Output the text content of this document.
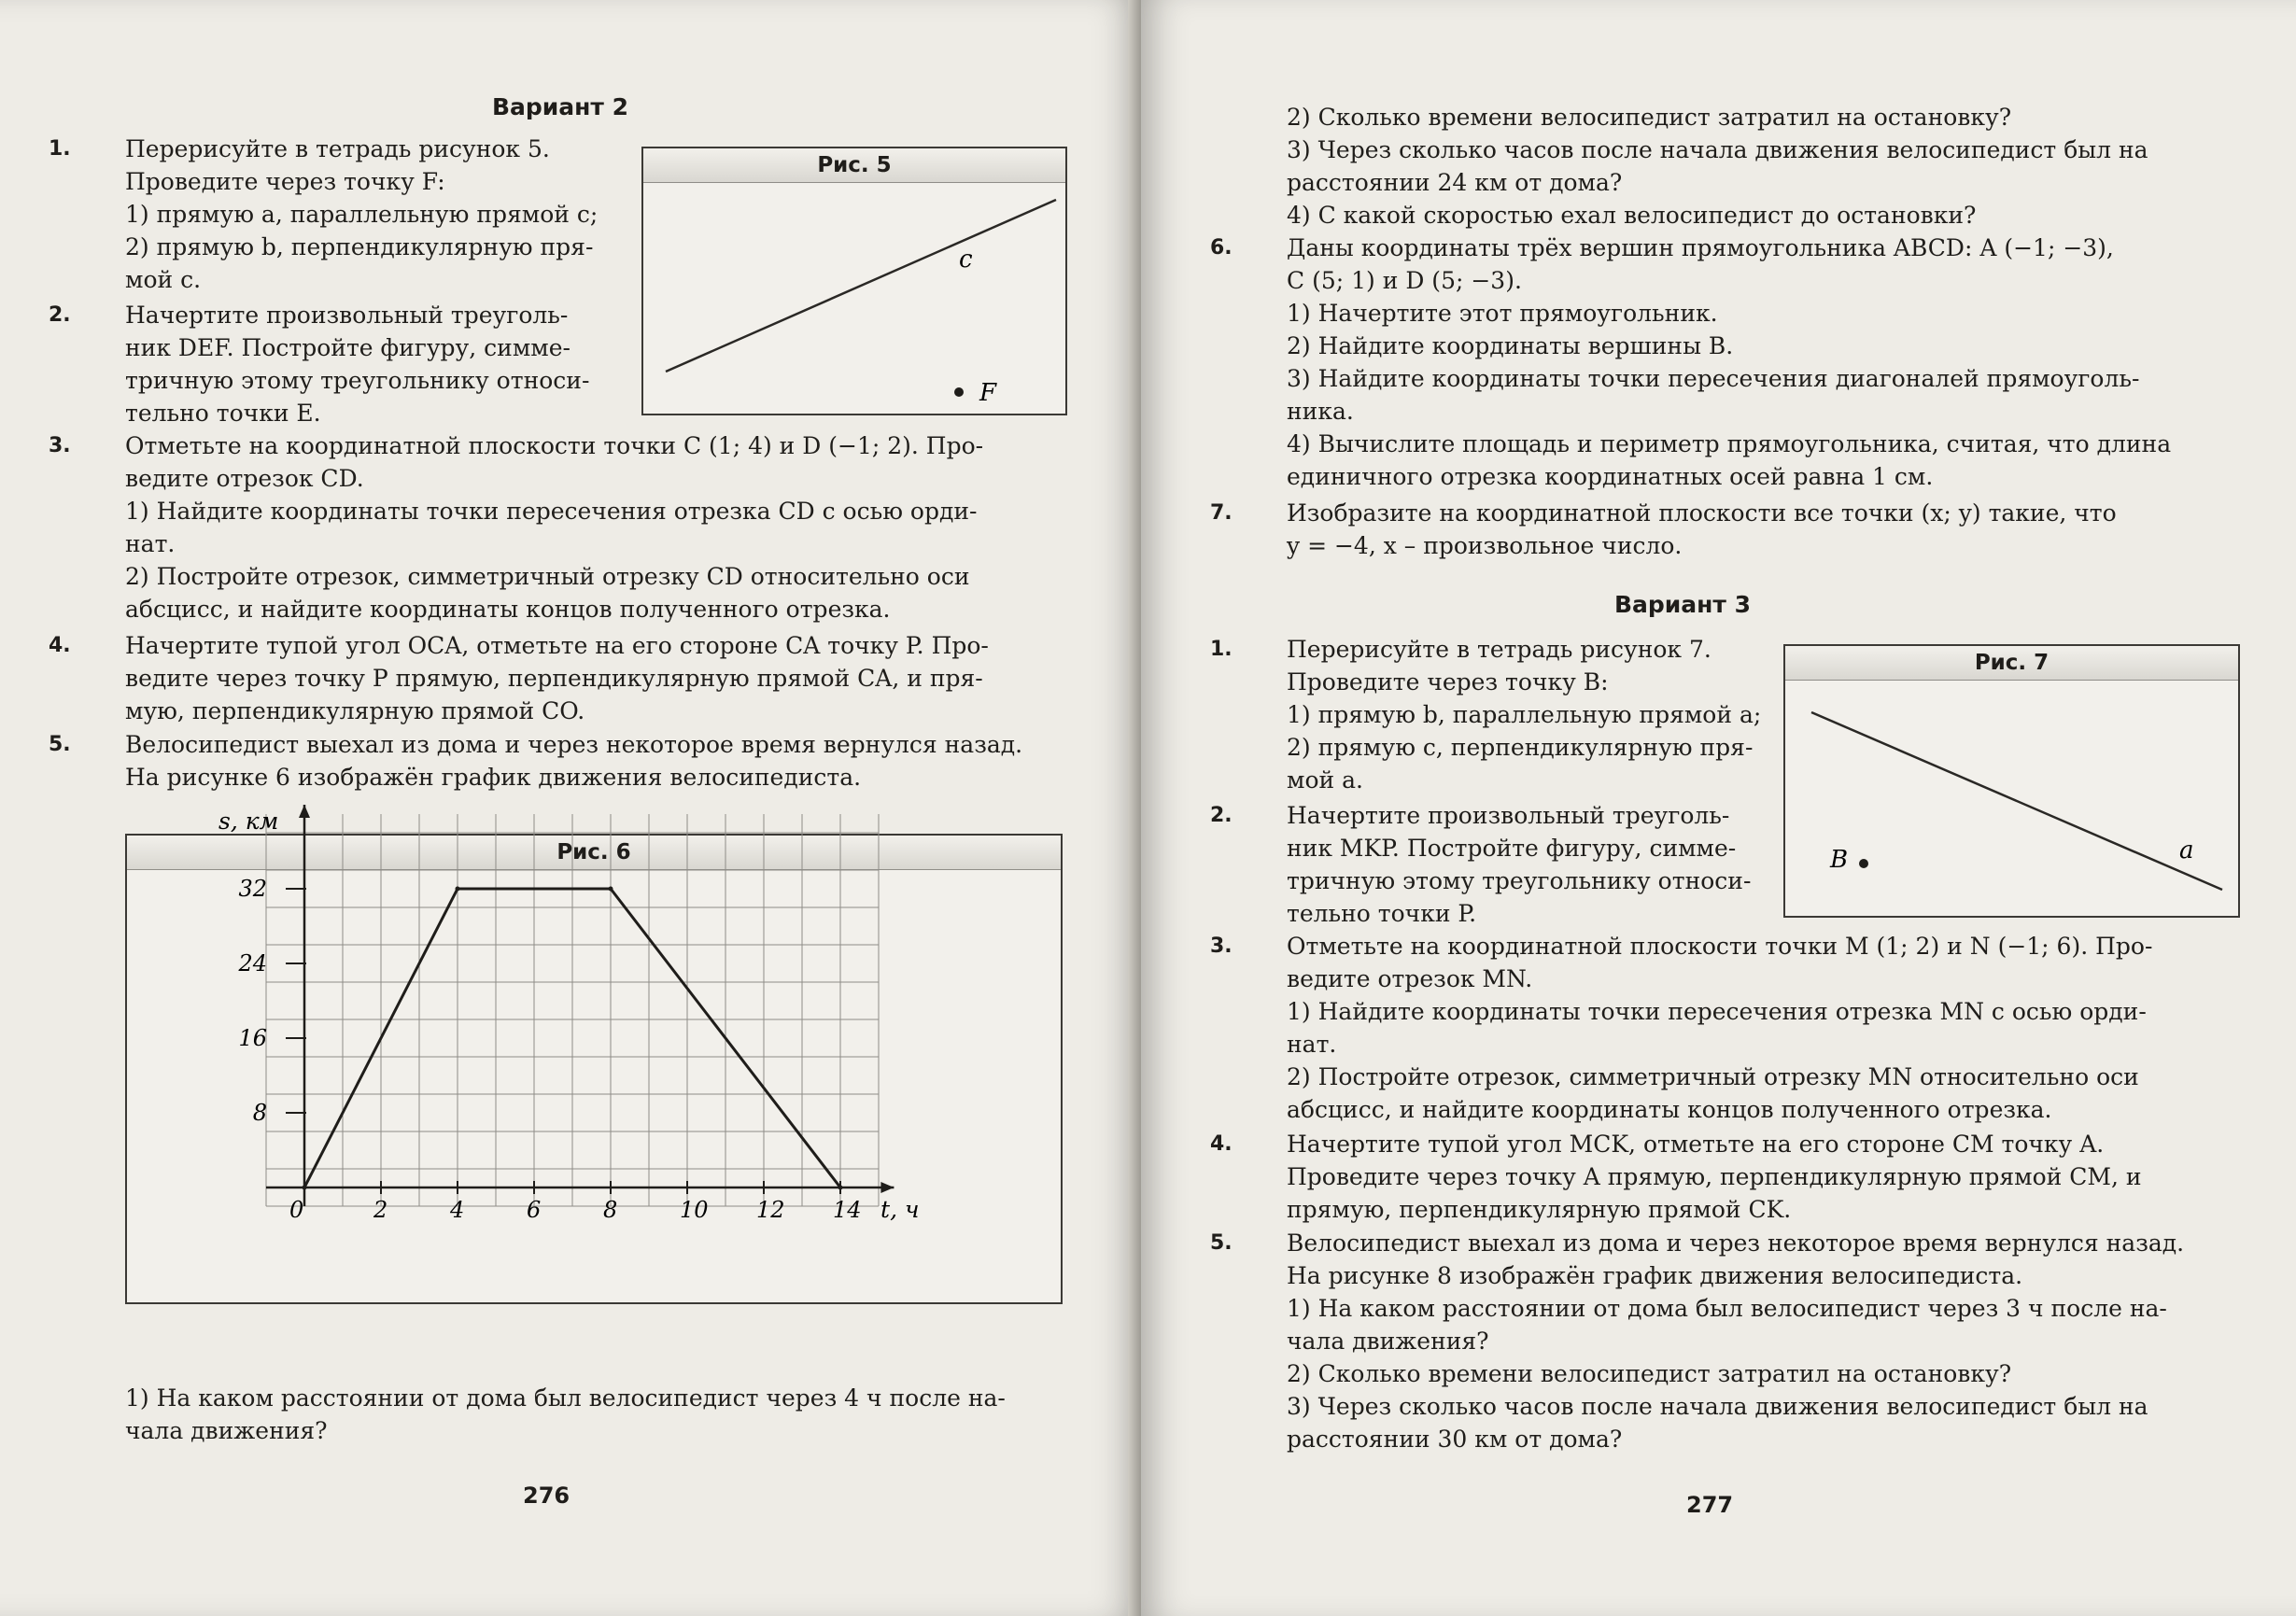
Вариант 2
1. Перерисуйте в тетрадь рисунок 5.

Проведите через точку F:

1) прямую a, параллельную прямой c;

2) прямую b, перпендикулярную пря-

мой c.

Рис. 5
c
F
2. Начертите произвольный треуголь-

ник DEF. Постройте фигуру, симме-

тричную этому треугольнику относи-

тельно точки E.

3. Отметьте на координатной плоскости точки C (1; 4) и D (−1; 2). Про-

ведите отрезок CD.

1) Найдите координаты точки пересечения отрезка CD с осью орди-

нат.

2) Постройте отрезок, симметричный отрезку CD относительно оси

абсцисс, и найдите координаты концов полученного отрезка.

4. Начертите тупой угол OCA, отметьте на его стороне CA точку P. Про-

ведите через точку P прямую, перпендикулярную прямой CA, и пря-

мую, перпендикулярную прямой CO.

5. Велосипедист выехал из дома и через некоторое время вернулся назад.

На рисунке 6 изображён график движения велосипедиста.

Рис. 6
0	2	4	6	8	10 12 14
8
16
24
32
s, км
t, ч

1) На каком расстоянии от дома был велосипедист через 4 ч после на-

чала движения?

276

2) Сколько времени велосипедист затратил на остановку?

3) Через сколько часов после начала движения велосипедист был на

расстоянии 24 км от дома?

4) С какой скоростью ехал велосипедист до остановки?

6. Даны координаты трёх вершин прямоугольника ABCD: A (−1; −3),

C (5; 1) и D (5; −3).

1) Начертите этот прямоугольник.

2) Найдите координаты вершины B.

3) Найдите координаты точки пересечения диагоналей прямоуголь-

ника.

4) Вычислите площадь и периметр прямоугольника, считая, что длина

единичного отрезка координатных осей равна 1 см.

7. Изобразите на координатной плоскости все точки (x; y) такие, что

y = −4, x – произвольное число.

Вариант 3
1. Перерисуйте в тетрадь рисунок 7.

Проведите через точку B:

1) прямую b, параллельную прямой a;

2) прямую c, перпендикулярную пря-

мой a.

Рис. 7
a
B
2. Начертите произвольный треуголь-

ник MKP. Постройте фигуру, симме-

тричную этому треугольнику относи-

тельно точки P.

3. Отметьте на координатной плоскости точки M (1; 2) и N (−1; 6). Про-

ведите отрезок MN.

1) Найдите координаты точки пересечения отрезка MN с осью орди-

нат.

2) Постройте отрезок, симметричный отрезку MN относительно оси

абсцисс, и найдите координаты концов полученного отрезка.

4. Начертите тупой угол MCK, отметьте на его стороне CM точку A.

Проведите через точку A прямую, перпендикулярную прямой CM, и

прямую, перпендикулярную прямой CK.

5. Велосипедист выехал из дома и через некоторое время вернулся назад.

На рисунке 8 изображён график движения велосипедиста.

1) На каком расстоянии от дома был велосипедист через 3 ч после на-

чала движения?

2) Сколько времени велосипедист затратил на остановку?

3) Через сколько часов после начала движения велосипедист был на

расстоянии 30 км от дома?

277
